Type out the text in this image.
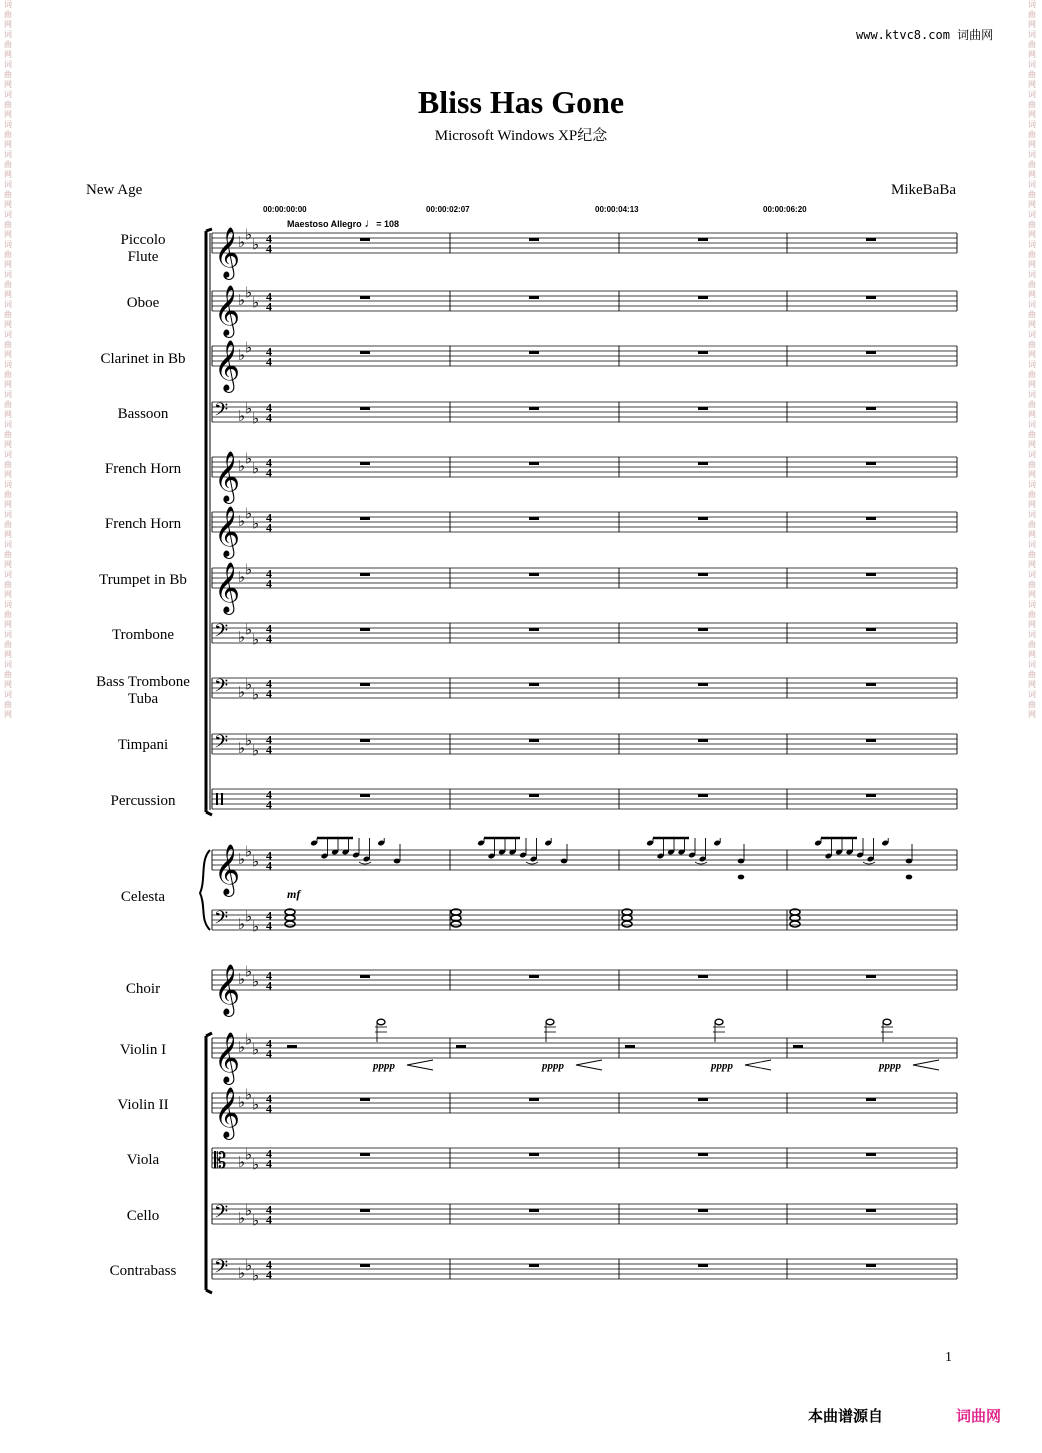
词
曲
网
词
曲
网
词
曲
网
词
曲
网
词
曲
网
词
曲
网
词
曲
网
词
曲
网
词
曲
网
词
曲
网
词
曲
网
词
曲
网
词
曲
网
词
曲
网
词
曲
网
词
曲
网
词
曲
网
词
曲
网
词
曲
网
词
曲
网
词
曲
网
词
曲
网
词
曲
网
词
曲
网
词
曲
网
词
曲
网
词
曲
网
词
曲
网
词
曲
网
词
曲
网
词
曲
网
词
曲
网
词
曲
网
词
曲
网
词
曲
网
词
曲
网
词
曲
网
词
曲
网
词
曲
网
词
曲
网
词
曲
网
词
曲
网
词
曲
网
词
曲
网
词
曲
网
词
曲
网
词
曲
网
词
曲
网
www.ktvc8.com 词曲网
Bliss Has Gone
Microsoft Windows XP纪念
New Age	MikeBaBa
00:00:00:00	00:00:02:07	00:00:04:13	00:00:06:20
Maestoso Allegro ♩= 108
Piccolo
Flute
Oboe
Clarinet in Bb
Bassoon
French Horn
French Horn
Trumpet in Bb
Trombone
Bass Trombone
Tuba
Timpani
Percussion
Celesta
Choir
Violin I
Violin II
Viola
Cello
Contrabass
𝄞
♭ ♭
♭ 4
4
𝄞
♭ ♭
♭ 4
4
𝄞
♭ ♭ 4
4
𝄢 ♭ ♭
♭
4
4
𝄞
♭ ♭
♭ 4
4
𝄞
♭ ♭
♭ 4
4
𝄞
♭ ♭ 4
4
𝄢 ♭ ♭
♭
4
4
𝄢 ♭ ♭
♭
4
4
𝄢 ♭ ♭
♭
4
4
4
4
𝄞
♭ ♭
♭ 4
4
𝄢 ♭ ♭
♭
4
4
𝄞
♭ ♭
♭ 4
4
𝄞
♭ ♭
♭ 4
4
𝄞
♭ ♭
♭ 4
4
𝄡 ♭ ♭
♭
4
4
𝄢 ♭ ♭
♭
4
4
𝄢 ♭ ♭
♭
4
4
mf
pppp	pppp	pppp	pppp
1
本曲谱源自	词曲网
